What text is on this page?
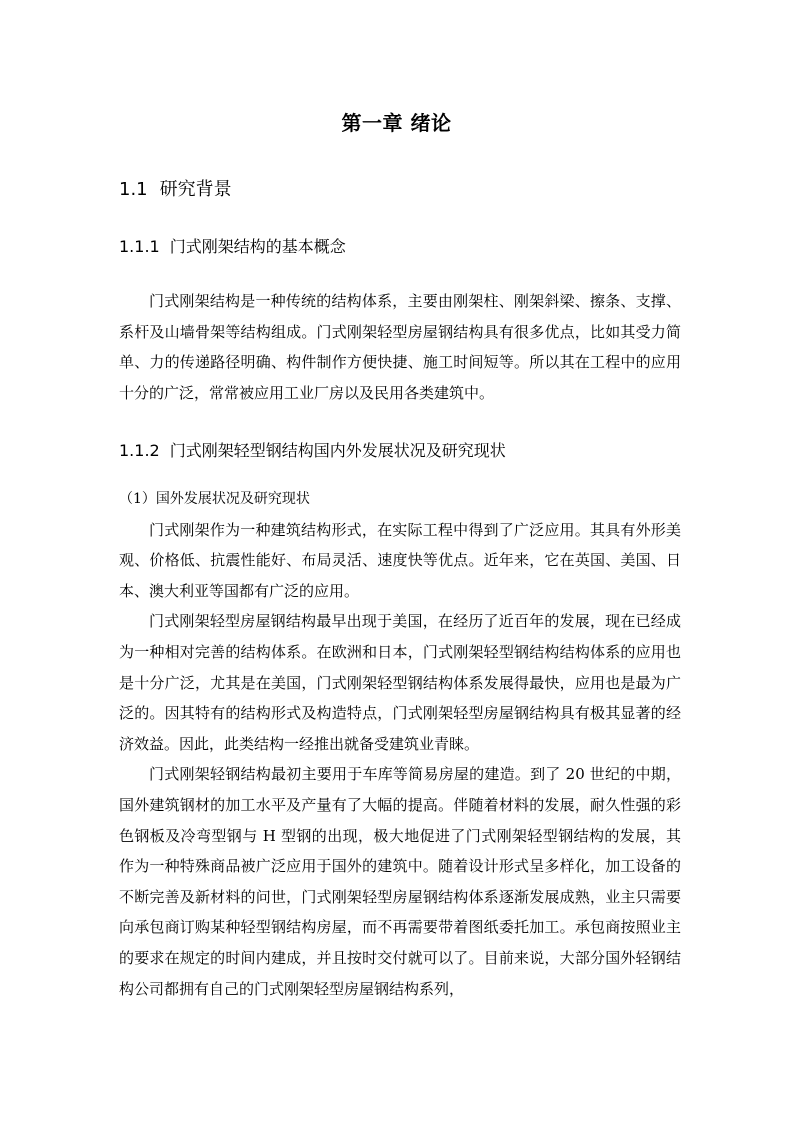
第一章 绪论
1.1 研究背景
1.1.1 门式刚架结构的基本概念

门式刚架结构是一种传统的结构体系，主要由刚架柱、刚架斜梁、擦条、支撑、系杆及山墙骨架等结构组成。门式刚架轻型房屋钢结构具有很多优点，比如其受力简单、力的传递路径明确、构件制作方便快捷、施工时间短等。所以其在工程中的应用十分的广泛，常常被应用工业厂房以及民用各类建筑中。

1.1.2 门式刚架轻型钢结构国内外发展状况及研究现状

（1）国外发展状况及研究现状

门式刚架作为一种建筑结构形式，在实际工程中得到了广泛应用。其具有外形美观、价格低、抗震性能好、布局灵活、速度快等优点。近年来，它在英国、美国、日本、澳大利亚等国都有广泛的应用。

门式刚架轻型房屋钢结构最早出现于美国，在经历了近百年的发展，现在已经成为一种相对完善的结构体系。在欧洲和日本，门式刚架轻型钢结构结构体系的应用也是十分广泛，尤其是在美国，门式刚架轻型钢结构体系发展得最快，应用也是最为广泛的。因其特有的结构形式及构造特点，门式刚架轻型房屋钢结构具有极其显著的经济效益。因此，此类结构一经推出就备受建筑业青睐。

门式刚架轻钢结构最初主要用于车库等简易房屋的建造。到了 20 世纪的中期，国外建筑钢材的加工水平及产量有了大幅的提高。伴随着材料的发展，耐久性强的彩色钢板及冷弯型钢与 H 型钢的出现，极大地促进了门式刚架轻型钢结构的发展，其作为一种特殊商品被广泛应用于国外的建筑中。随着设计形式呈多样化，加工设备的不断完善及新材料的问世，门式刚架轻型房屋钢结构体系逐渐发展成熟，业主只需要向承包商订购某种轻型钢结构房屋，而不再需要带着图纸委托加工。承包商按照业主的要求在规定的时间内建成，并且按时交付就可以了。目前来说，大部分国外轻钢结构公司都拥有自己的门式刚架轻型房屋钢结构系列，
